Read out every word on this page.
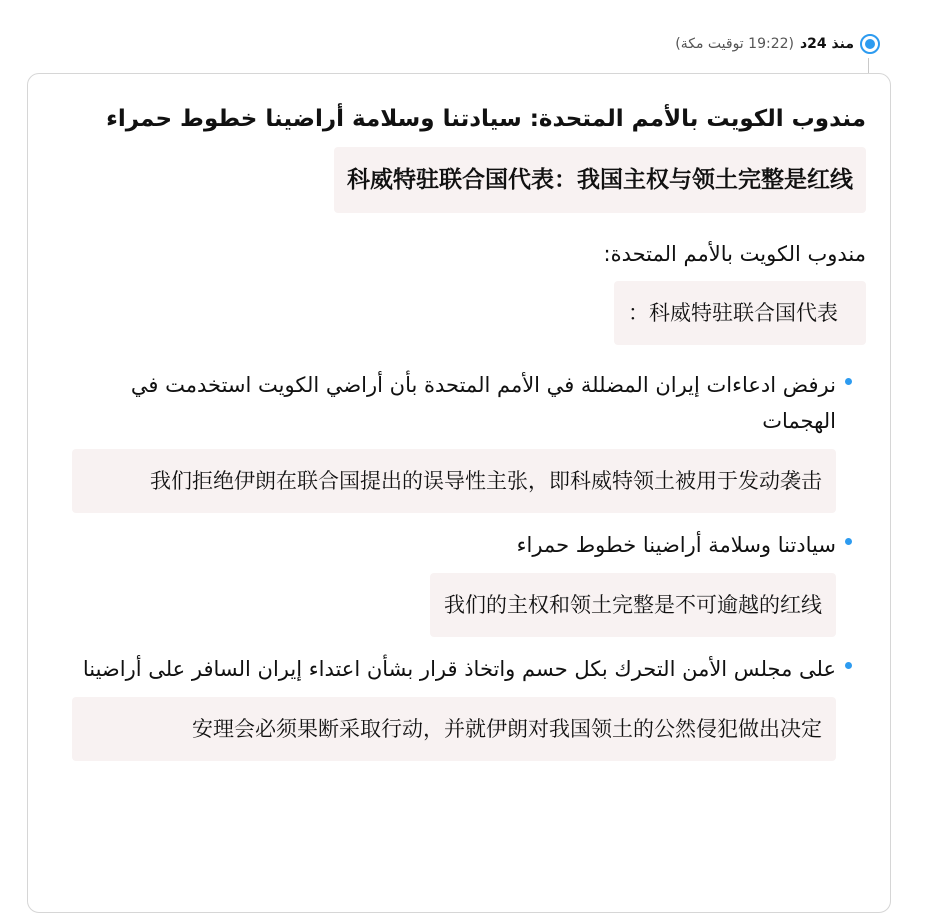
منذ 24د
(19:22 توقيت مكة)
مندوب الكويت بالأمم المتحدة: سيادتنا وسلامة أراضينا خطوط حمراء
科威特驻联合国代表：我国主权与领土完整是红线
مندوب الكويت بالأمم المتحدة:
科威特驻联合国代表：
نرفض ادعاءات إيران المضللة في الأمم المتحدة بأن أراضي الكويت استخدمت في الهجمات
我们拒绝伊朗在联合国提出的误导性主张，即科威特领土被用于发动袭击
سيادتنا وسلامة أراضينا خطوط حمراء
我们的主权和领土完整是不可逾越的红线
على مجلس الأمن التحرك بكل حسم واتخاذ قرار بشأن اعتداء إيران السافر على أراضينا
安理会必须果断采取行动，并就伊朗对我国领土的公然侵犯做出决定
